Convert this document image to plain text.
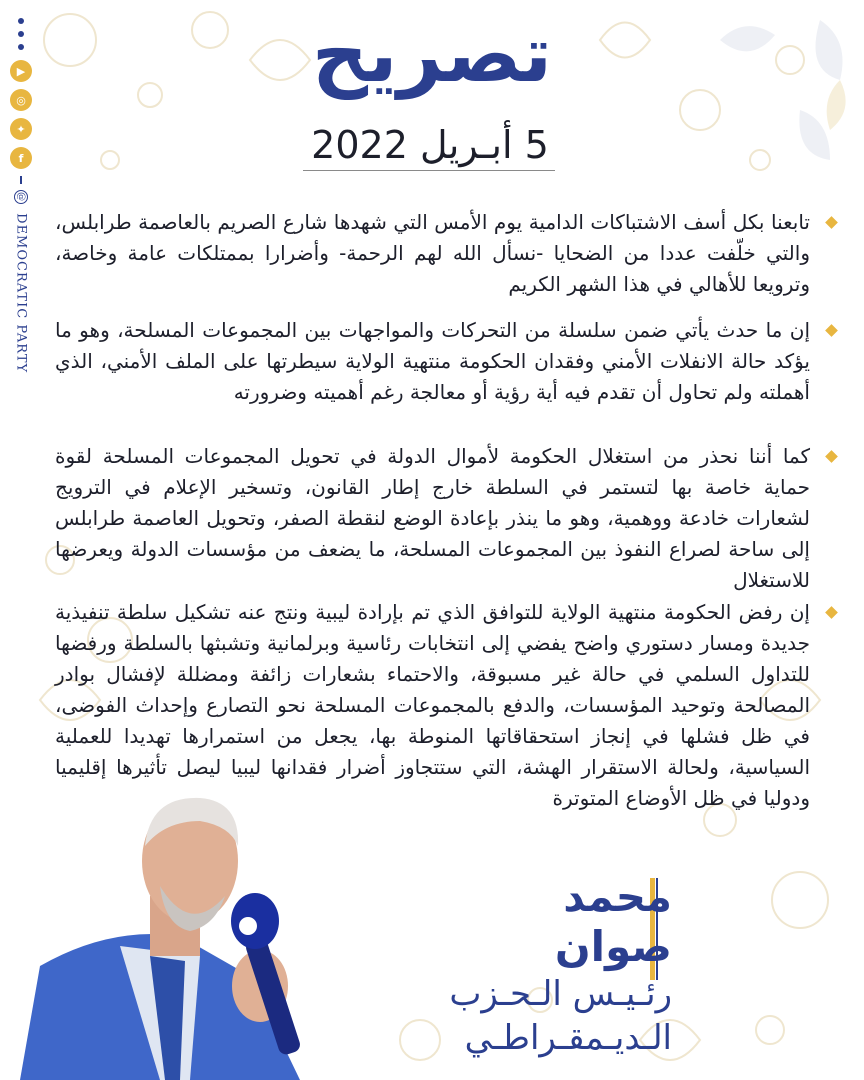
▶
◎
✦
f
@ DEMOCRATIC PARTY
تصريح
5 أبـريل 2022
تابعنا بكل أسف الاشتباكات الدامية يوم الأمس التي شهدها شارع الصريم بالعاصمة طرابلس، والتي خلّفت عددا من الضحايا -نسأل الله لهم الرحمة- وأضرارا بممتلكات عامة وخاصة، وترويعا للأهالي في هذا الشهر الكريم
إن ما حدث يأتي ضمن سلسلة من التحركات والمواجهات بين المجموعات المسلحة، وهو ما يؤكد حالة الانفلات الأمني وفقدان الحكومة منتهية الولاية سيطرتها على الملف الأمني، الذي أهملته ولم تحاول أن تقدم فيه أية رؤية أو معالجة رغم أهميته وضرورته
كما أننا نحذر من استغلال الحكومة لأموال الدولة في تحويل المجموعات المسلحة لقوة حماية خاصة بها لتستمر في السلطة خارج إطار القانون، وتسخير الإعلام في الترويج لشعارات خادعة ووهمية، وهو ما ينذر بإعادة الوضع لنقطة الصفر، وتحويل العاصمة طرابلس إلى ساحة لصراع النفوذ بين المجموعات المسلحة، ما يضعف من مؤسسات الدولة ويعرضها للاستغلال
إن رفض الحكومة منتهية الولاية للتوافق الذي تم بإرادة ليبية ونتج عنه تشكيل سلطة تنفيذية جديدة ومسار دستوري واضح يفضي إلى انتخابات رئاسية وبرلمانية وتشبثها بالسلطة ورفضها للتداول السلمي في حالة غير مسبوقة، والاحتماء بشعارات زائفة ومضللة لإفشال بوادر المصالحة وتوحيد المؤسسات، والدفع بالمجموعات المسلحة نحو التصارع وإحداث الفوضى، في ظل فشلها في إنجاز استحقاقاتها المنوطة بها، يجعل من استمرارها تهديدا للعملية السياسية، ولحالة الاستقرار الهشة، التي ستتجاوز أضرار فقدانها ليبيا ليصل تأثيرها إقليميا ودوليا في ظل الأوضاع المتوترة
محمد صوان
رئـيـس الـحـزب
الـديـمقـراطـي
